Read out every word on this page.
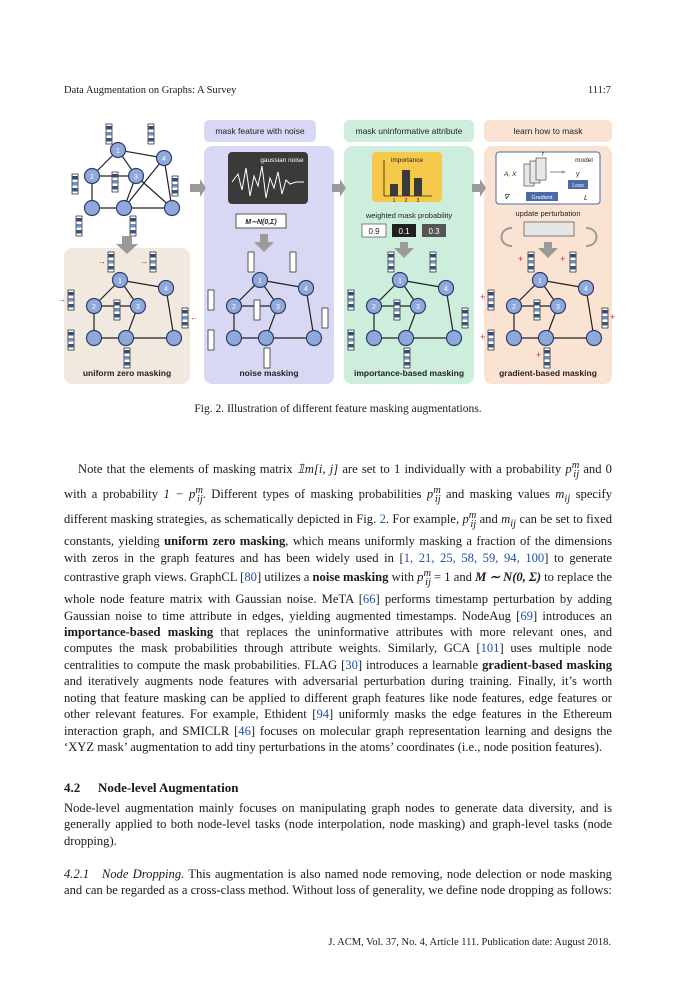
Data Augmentation on Graphs: A Survey	111:7
mask feature with noise	mask uninformative attribute	learn how to mask
1
2	3
4	gaussian noise
M∼N(0,Σ)
1
2	3
4
importance
1 2 3
weighted mask probability
0.9 0.1 0.3
1
2	3
4
model
A, X
f
γ
Loss
Gradient
∇	L
update perturbation
1
2	3
4
+	+
+
+
+
+
1
2	3
4
→	→
→
←
uniform zero masking	noise masking	importance-based masking	gradient-based masking
Fig. 2. Illustration of different feature masking augmentations.

Note that the elements of masking matrix 𝟙m[i, j] are set to 1 individually with a probability $p^m_{ij}$ and 0 with a probability $1 - p^m_{ij}$. Different types of masking probabilities $p^m_{ij}$ and masking values $m_{ij}$ specify different masking strategies, as schematically depicted in Fig. 2. For example, $p^m_{ij}$ and $m_{ij}$ can be set to fixed constants, yielding uniform zero masking, which means uniformly masking a fraction of the dimensions with zeros in the graph features and has been widely used in [1, 21, 25, 58, 59, 94, 100] to generate contrastive graph views. GraphCL [80] utilizes a noise masking with $p^m_{ij} = 1$ and M ∼ N(0, Σ) to replace the whole node feature matrix with Gaussian noise. MeTA [66] performs timestamp perturbation by adding Gaussian noise to time attribute in edges, yielding augmented timestamps. NodeAug [69] introduces an importance-based masking that replaces the uninformative attributes with more relevant ones, and computes the mask probabilities through attribute weights. Similarly, GCA [101] uses multiple node centralities to compute the mask probabilities. FLAG [30] introduces a learnable gradient-based masking and iteratively augments node features with adversarial perturbation during training. Finally, it’s worth noting that feature masking can be applied to different graph features like node features, edge features or other relevant features. For example, Ethident [94] uniformly masks the edge features in the Ethereum interaction graph, and SMICLR [46] focuses on molecular graph representation learning and designs the ‘XYZ mask’ augmentation to add tiny perturbations in the atoms’ coordinates (i.e., node position features).

4.2 Node-level Augmentation

Node-level augmentation mainly focuses on manipulating graph nodes to generate data diversity, and is generally applied to both node-level tasks (node interpolation, node masking) and graph-level tasks (node dropping).

4.2.1 Node Dropping. This augmentation is also named node removing, node delection or node masking and can be regarded as a cross-class method. Without loss of generality, we define node dropping as follows:

J. ACM, Vol. 37, No. 4, Article 111. Publication date: August 2018.
